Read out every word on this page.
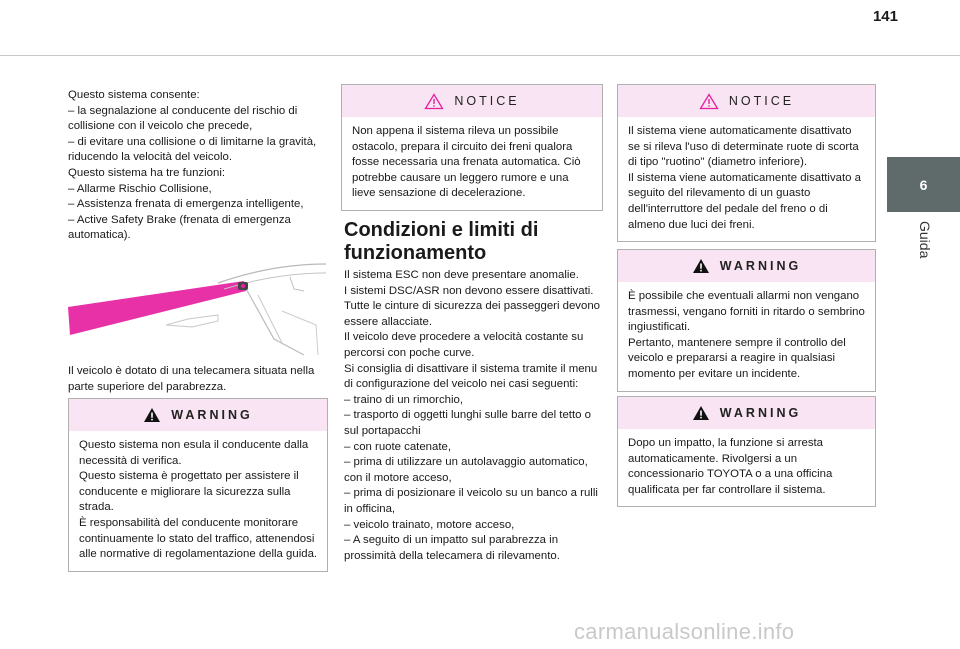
141
6
Guida

Questo sistema consente:
– la segnalazione al conducente del rischio di collisione con il veicolo che precede,
– di evitare una collisione o di limitarne la gravità, riducendo la velocità del veicolo.
Questo sistema ha tre funzioni:
– Allarme Rischio Collisione,
– Assistenza frenata di emergenza intelligente,
– Active Safety Brake (frenata di emergenza automatica).

Il veicolo è dotato di una telecamera situata nella parte superiore del parabrezza.

WARNING
Questo sistema non esula il conducente dalla necessità di verifica.
Questo sistema è progettato per assistere il conducente e migliorare la sicurezza sulla strada.
È responsabilità del conducente monitorare continuamente lo stato del traffico, attenendosi alle normative di regolamentazione della guida.
NOTICE
Non appena il sistema rileva un possibile ostacolo, prepara il circuito dei freni qualora fosse necessaria una frenata automatica. Ciò potrebbe causare un leggero rumore e una lieve sensazione di decelerazione.
Condizioni e limiti di funzionamento

Il sistema ESC non deve presentare anomalie.
I sistemi DSC/ASR non devono essere disattivati.
Tutte le cinture di sicurezza dei passeggeri devono essere allacciate.
Il veicolo deve procedere a velocità costante su percorsi con poche curve.
Si consiglia di disattivare il sistema tramite il menu di configurazione del veicolo nei casi seguenti:
– traino di un rimorchio,
– trasporto di oggetti lunghi sulle barre del tetto o sul portapacchi
– con ruote catenate,
– prima di utilizzare un autolavaggio automatico, con il motore acceso,
– prima di posizionare il veicolo su un banco a rulli in officina,
– veicolo trainato, motore acceso,
– A seguito di un impatto sul parabrezza in prossimità della telecamera di rilevamento.

NOTICE
Il sistema viene automaticamente disattivato se si rileva l'uso di determinate ruote di scorta di tipo "ruotino" (diametro inferiore).
Il sistema viene automaticamente disattivato a seguito del rilevamento di un guasto dell'interruttore del pedale del freno o di almeno due luci dei freni.
WARNING
È possibile che eventuali allarmi non vengano trasmessi, vengano forniti in ritardo o sembrino ingiustificati.
Pertanto, mantenere sempre il controllo del veicolo e prepararsi a reagire in qualsiasi momento per evitare un incidente.
WARNING
Dopo un impatto, la funzione si arresta automaticamente. Rivolgersi a un concessionario TOYOTA o a una officina qualificata per far controllare il sistema.
carmanualsonline.info
